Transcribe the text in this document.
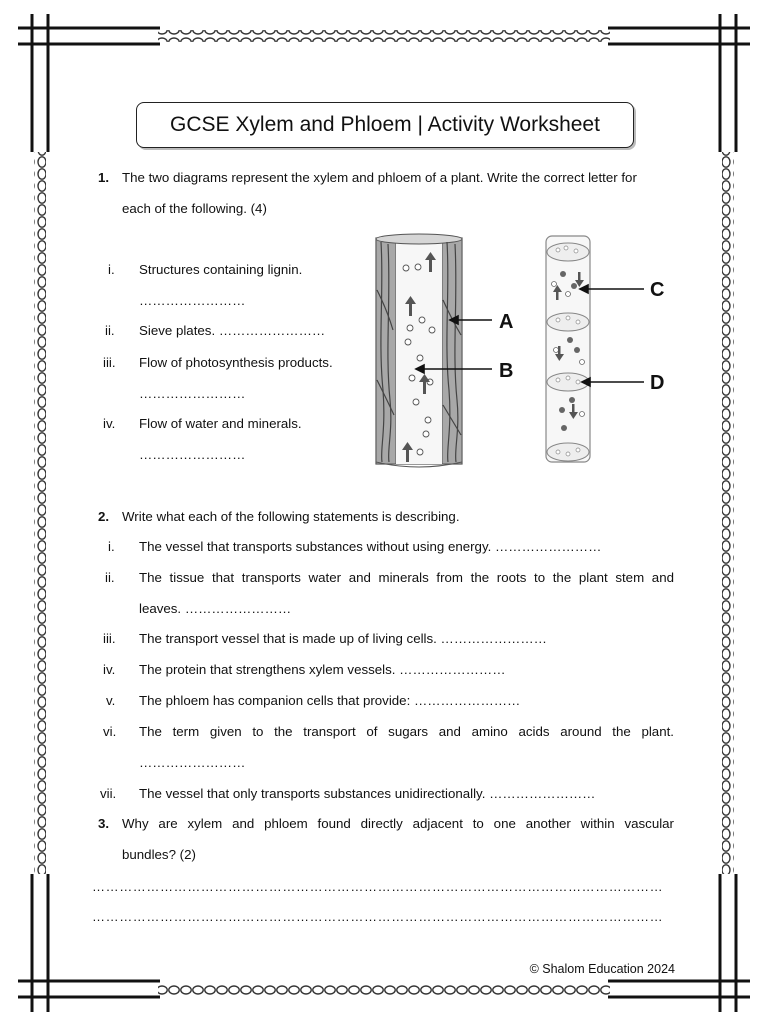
GCSE Xylem and Phloem | Activity Worksheet
1. The two diagrams represent the xylem and phloem of a plant. Write the correct letter for
each of the following. (4)
i. Structures containing lignin.
……………………
ii. Sieve plates. ……………………
iii. Flow of photosynthesis products.
……………………
iv. Flow of water and minerals.
……………………
A
B
C
D
2. Write what each of the following statements is describing.
i. The vessel that transports substances without using energy. ……………………
ii. The tissue that transports water and minerals from the roots to the plant stem and
leaves. ……………………
iii. The transport vessel that is made up of living cells. ……………………
iv. The protein that strengthens xylem vessels. ……………………
v. The phloem has companion cells that provide: ……………………
vi. The term given to the transport of sugars and amino acids around the plant.
……………………
vii. The vessel that only transports substances unidirectionally. ……………………
3. Why are xylem and phloem found directly adjacent to one another within vascular
bundles? (2)
………………………………………………………………………………………………………………
………………………………………………………………………………………………………………
© Shalom Education 2024
